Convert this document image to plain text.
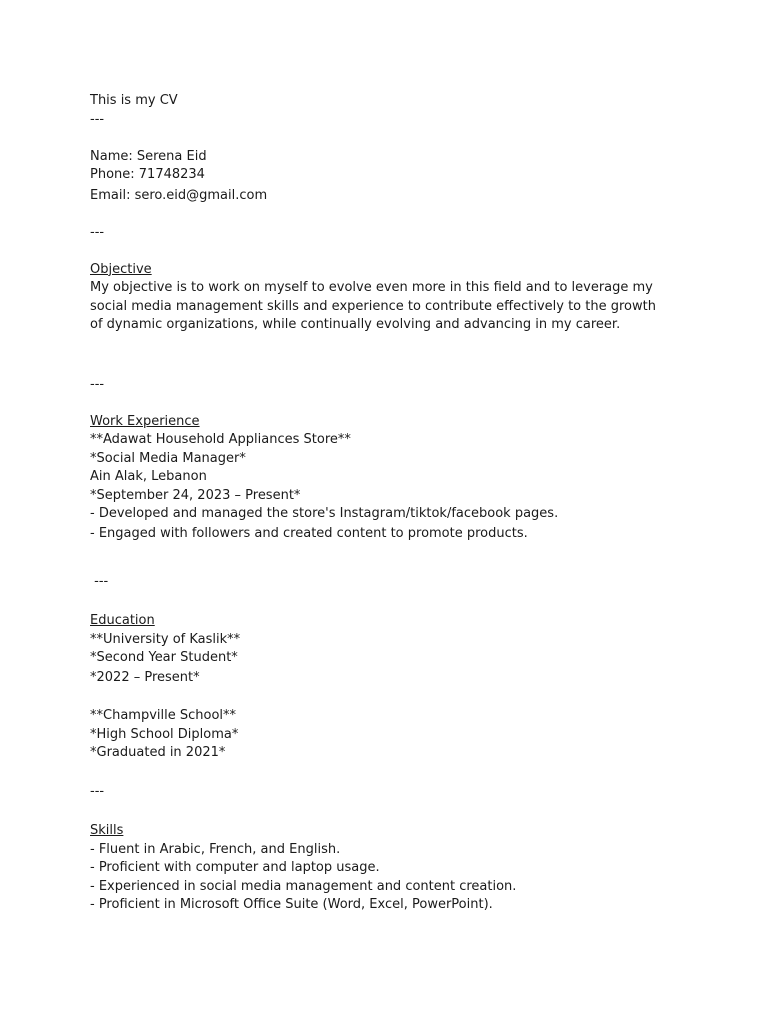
This is my CV
---
Name: Serena Eid
Phone: 71748234
Email: sero.eid@gmail.com
---
Objective
My objective is to work on myself to evolve even more in this field and to leverage my social media management skills and experience to contribute effectively to the growth of dynamic organizations, while continually evolving and advancing in my career.
---
Work Experience
**Adawat Household Appliances Store**
*Social Media Manager*
Ain Alak, Lebanon
*September 24, 2023 – Present*
- Developed and managed the store's Instagram/tiktok/facebook pages.
- Engaged with followers and created content to promote products.
---
Education
**University of Kaslik**
*Second Year Student*
*2022 – Present*
**Champville School**
*High School Diploma*
*Graduated in 2021*
---
Skills
- Fluent in Arabic, French, and English.
- Proficient with computer and laptop usage.
- Experienced in social media management and content creation.
- Proficient in Microsoft Office Suite (Word, Excel, PowerPoint).
